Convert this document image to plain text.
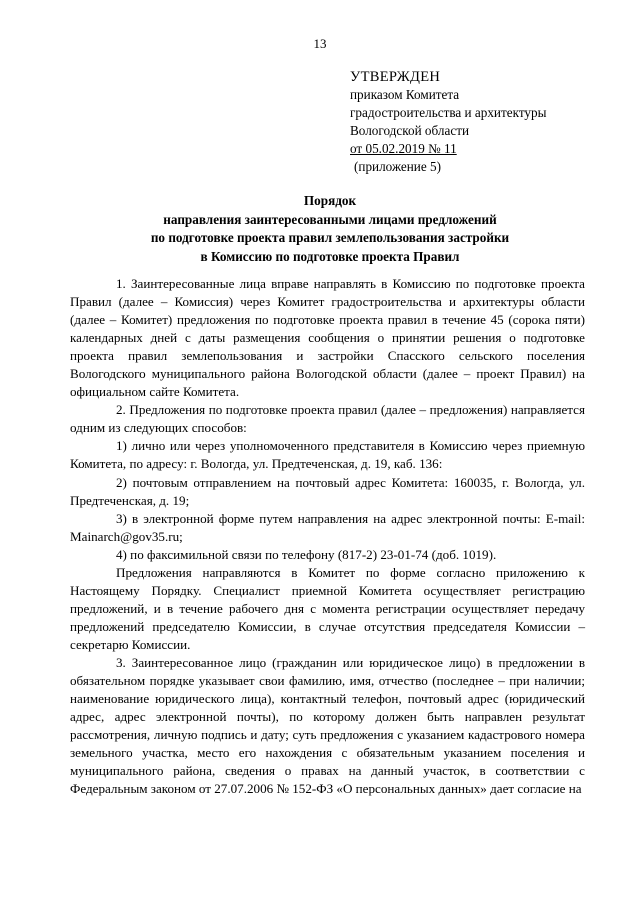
13
УТВЕРЖДЕН
приказом Комитета
градостроительства и архитектуры
Вологодской области
от 05.02.2019 № 11
(приложение 5)
Порядок
направления заинтересованными лицами предложений
по подготовке проекта правил землепользования застройки
в Комиссию по подготовке проекта Правил

1. Заинтересованные лица вправе направлять в Комиссию по подготовке проекта Правил (далее – Комиссия) через Комитет градостроительства и архитектуры области (далее – Комитет) предложения по подготовке проекта правил в течение 45 (сорока пяти) календарных дней с даты размещения сообщения о принятии решения о подготовке проекта правил землепользования и застройки Спасского сельского поселения Вологодского муниципального района Вологодской области (далее – проект Правил) на официальном сайте Комитета.

2. Предложения по подготовке проекта правил (далее – предложения) направляется одним из следующих способов:

1) лично или через уполномоченного представителя в Комиссию через приемную Комитета, по адресу: г. Вологда, ул. Предтеченская, д. 19, каб. 136:

2) почтовым отправлением на почтовый адрес Комитета: 160035, г. Вологда, ул. Предтеченская, д. 19;

3) в электронной форме путем направления на адрес электронной почты: E-mail: Mainarch@gov35.ru;

4) по факсимильной связи по телефону (817-2) 23-01-74 (доб. 1019).

Предложения направляются в Комитет по форме согласно приложению к Настоящему Порядку. Специалист приемной Комитета осуществляет регистрацию предложений, и в течение рабочего дня с момента регистрации осуществляет передачу предложений председателю Комиссии, в случае отсутствия председателя Комиссии – секретарю Комиссии.

3. Заинтересованное лицо (гражданин или юридическое лицо) в предложении в обязательном порядке указывает свои фамилию, имя, отчество (последнее – при наличии; наименование юридического лица), контактный телефон, почтовый адрес (юридический адрес, адрес электронной почты), по которому должен быть направлен результат рассмотрения, личную подпись и дату; суть предложения с указанием кадастрового номера земельного участка, место его нахождения с обязательным указанием поселения и муниципального района, сведения о правах на данный участок, в соответствии с Федеральным законом от 27.07.2006 № 152-ФЗ «О персональных данных» дает согласие на
